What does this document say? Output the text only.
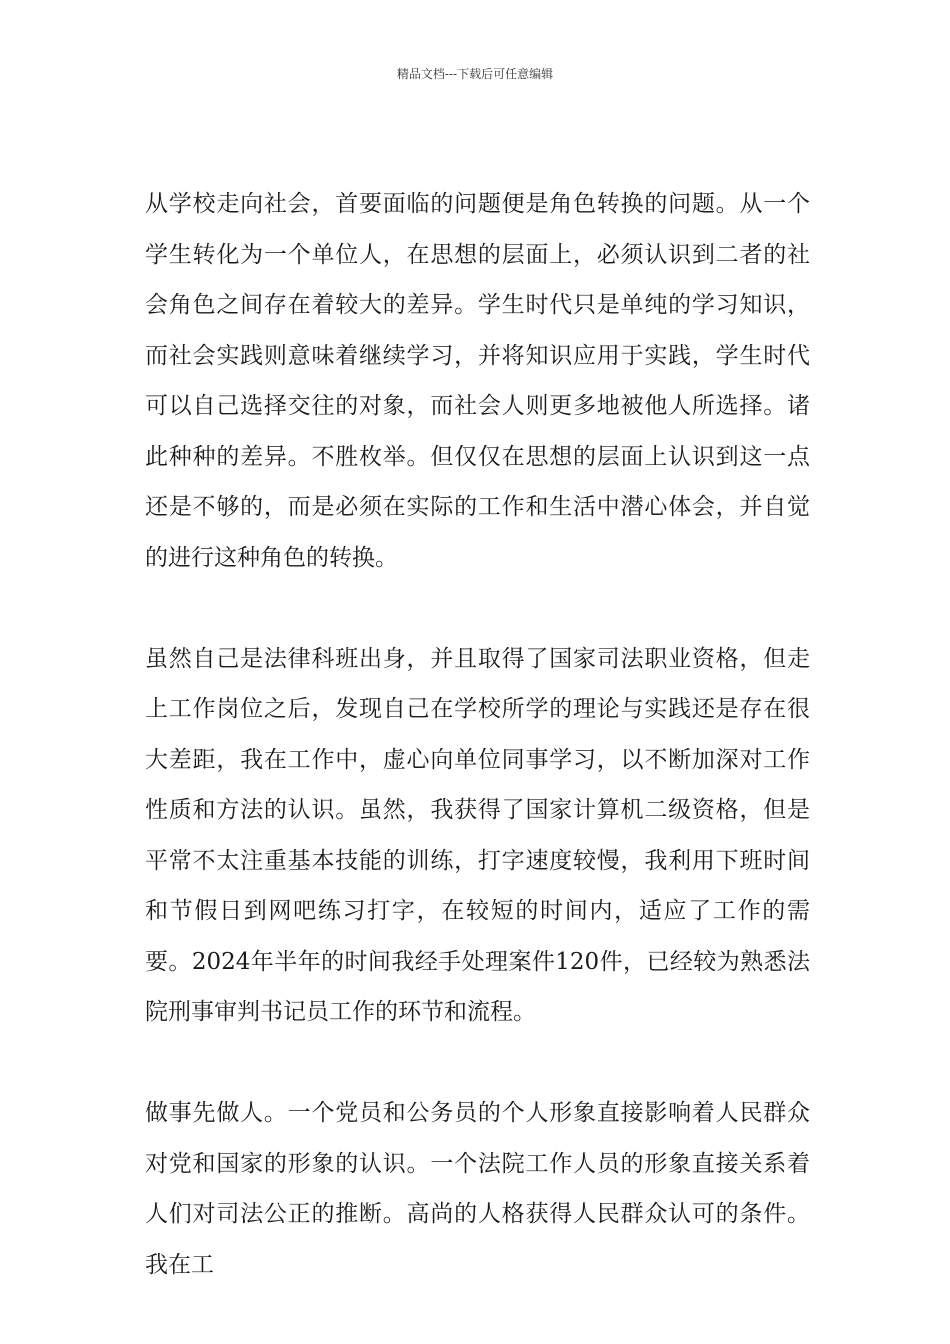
精品文档---下载后可任意编辑

从学校走向社会，首要面临的问题便是角色转换的问题。从一个学生转化为一个单位人，在思想的层面上，必须认识到二者的社会角色之间存在着较大的差异。学生时代只是单纯的学习知识，而社会实践则意味着继续学习，并将知识应用于实践，学生时代可以自己选择交往的对象，而社会人则更多地被他人所选择。诸此种种的差异。不胜枚举。但仅仅在思想的层面上认识到这一点还是不够的，而是必须在实际的工作和生活中潜心体会，并自觉的进行这种角色的转换。

虽然自己是法律科班出身，并且取得了国家司法职业资格，但走上工作岗位之后，发现自己在学校所学的理论与实践还是存在很大差距，我在工作中，虚心向单位同事学习，以不断加深对工作性质和方法的认识。虽然，我获得了国家计算机二级资格，但是平常不太注重基本技能的训练，打字速度较慢，我利用下班时间和节假日到网吧练习打字，在较短的时间内，适应了工作的需要。2024年半年的时间我经手处理案件120件，已经较为熟悉法院刑事审判书记员工作的环节和流程。

做事先做人。一个党员和公务员的个人形象直接影响着人民群众对党和国家的形象的认识。一个法院工作人员的形象直接关系着人们对司法公正的推断。高尚的人格获得人民群众认可的条件。我在工
